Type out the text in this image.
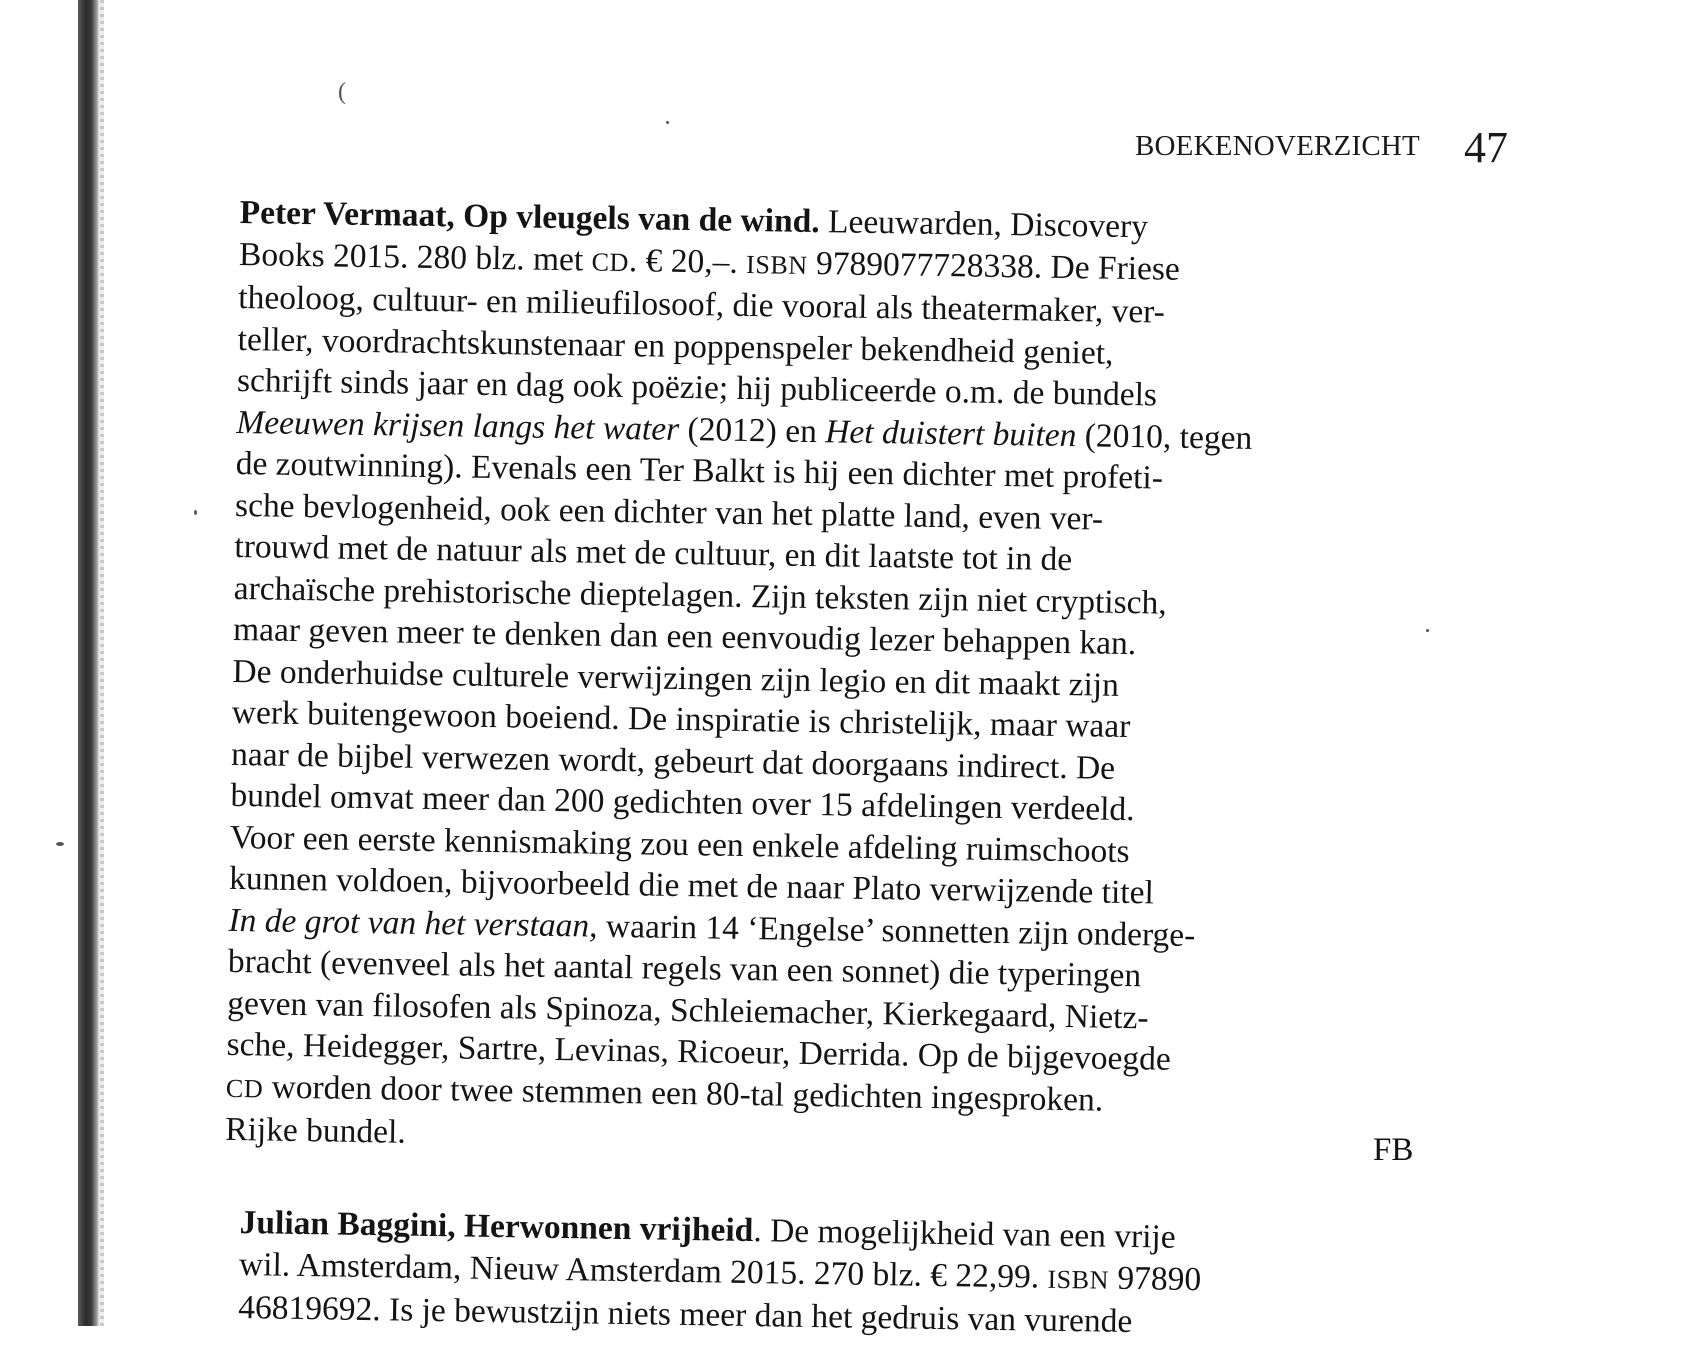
(
BOEKENOVERZICHT 47
Peter Vermaat, Op vleugels van de wind. Leeuwarden, Discovery
Books 2015. 280 blz. met CD. € 20,–. ISBN 9789077728338. De Friese
theoloog, cultuur- en milieufilosoof, die vooral als theatermaker, ver-
teller, voordrachtskunstenaar en poppenspeler bekendheid geniet,
schrijft sinds jaar en dag ook poëzie; hij publiceerde o.m. de bundels
Meeuwen krijsen langs het water (2012) en Het duistert buiten (2010, tegen
de zoutwinning). Evenals een Ter Balkt is hij een dichter met profeti-
sche bevlogenheid, ook een dichter van het platte land, even ver-
trouwd met de natuur als met de cultuur, en dit laatste tot in de
archaïsche prehistorische dieptelagen. Zijn teksten zijn niet cryptisch,
maar geven meer te denken dan een eenvoudig lezer behappen kan.
De onderhuidse culturele verwijzingen zijn legio en dit maakt zijn
werk buitengewoon boeiend. De inspiratie is christelijk, maar waar
naar de bijbel verwezen wordt, gebeurt dat doorgaans indirect. De
bundel omvat meer dan 200 gedichten over 15 afdelingen verdeeld.
Voor een eerste kennismaking zou een enkele afdeling ruimschoots
kunnen voldoen, bijvoorbeeld die met de naar Plato verwijzende titel
In de grot van het verstaan, waarin 14 ‘Engelse’ sonnetten zijn onderge-
bracht (evenveel als het aantal regels van een sonnet) die typeringen
geven van filosofen als Spinoza, Schleiemacher, Kierkegaard, Nietz-
sche, Heidegger, Sartre, Levinas, Ricoeur, Derrida. Op de bijgevoegde
CD worden door twee stemmen een 80-tal gedichten ingesproken.
Rijke bundel.	FB
Julian Baggini, Herwonnen vrijheid. De mogelijkheid van een vrije
wil. Amsterdam, Nieuw Amsterdam 2015. 270 blz. € 22,99. ISBN 97890
46819692. Is je bewustzijn niets meer dan het gedruis van vurende
